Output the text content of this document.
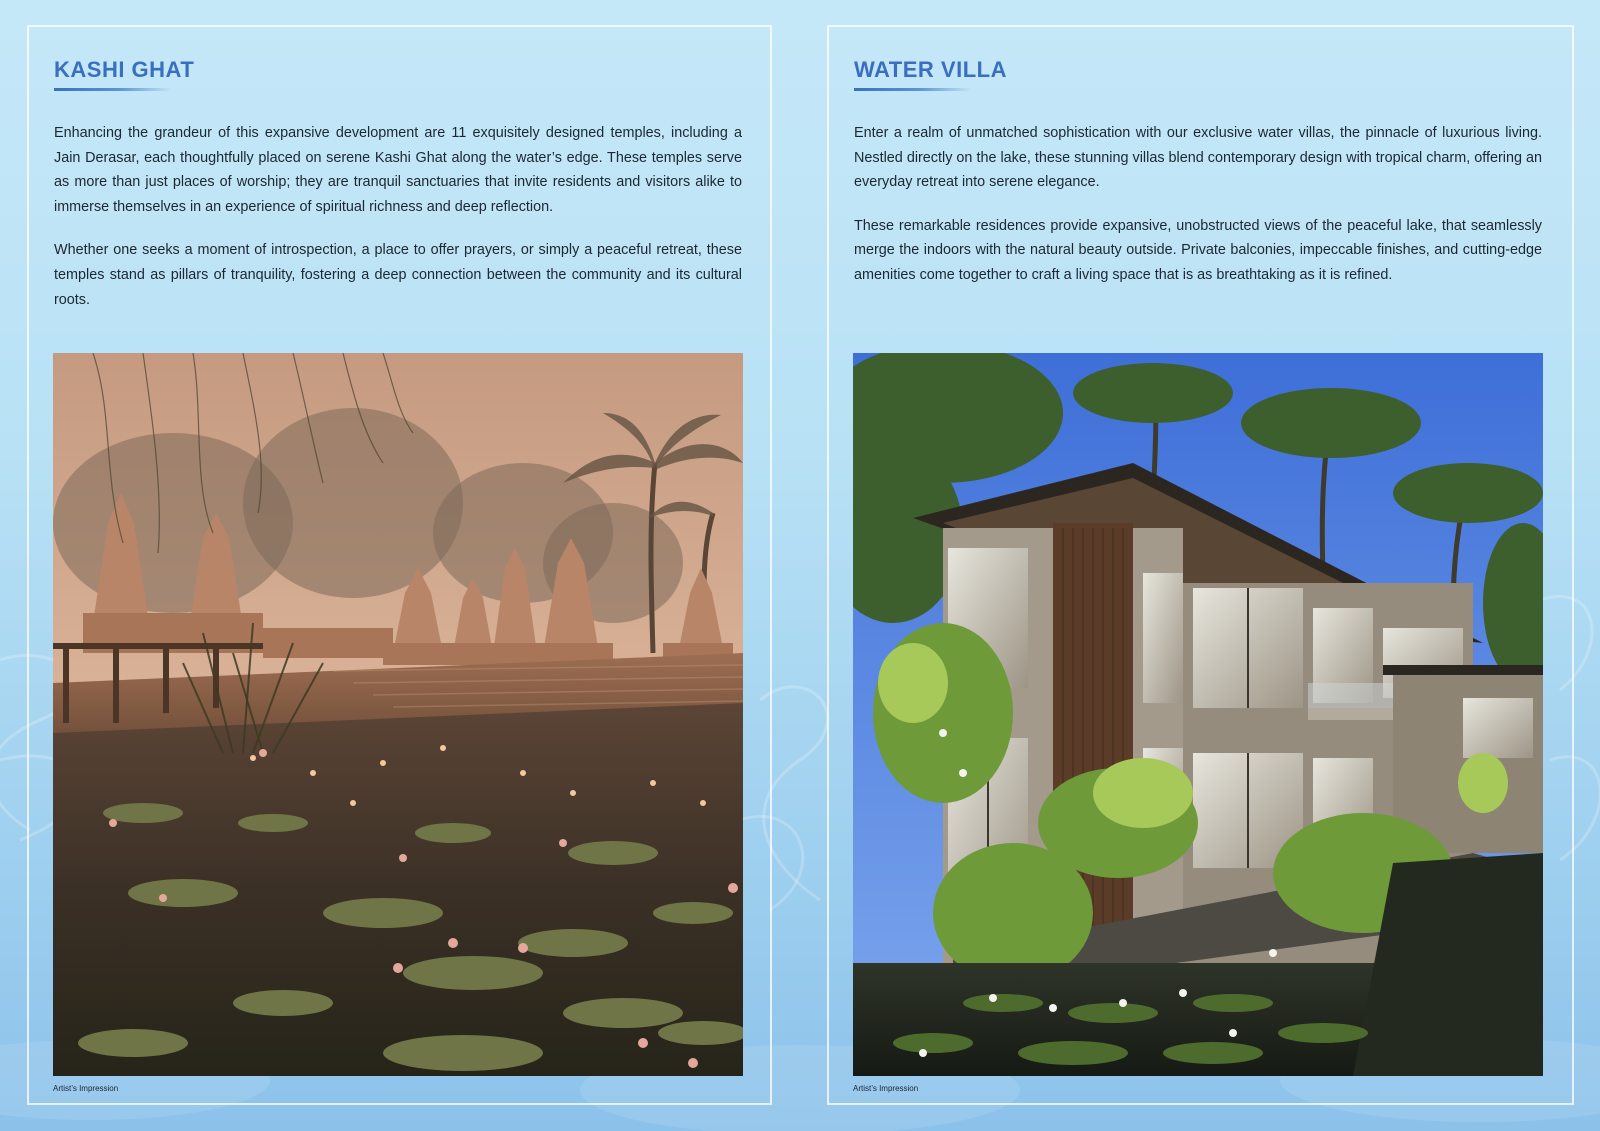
KASHI GHAT

Enhancing the grandeur of this expansive development are 11 exquisitely designed temples, including a Jain Derasar, each thoughtfully placed on serene Kashi Ghat along the water’s edge. These temples serve as more than just places of worship; they are tranquil sanctuaries that invite residents and visitors alike to immerse themselves in an experience of spiritual richness and deep reflection.

Whether one seeks a moment of introspection, a place to offer prayers, or simply a peaceful retreat, these temples stand as pillars of tranquility, fostering a deep connection between the community and its cultural roots.

Artist’s Impression
WATER VILLA

Enter a realm of unmatched sophistication with our exclusive water villas, the pinnacle of luxurious living. Nestled directly on the lake, these stunning villas blend contemporary design with tropical charm, offering an everyday retreat into serene elegance.

These remarkable residences provide expansive, unobstructed views of the peaceful lake, that seamlessly merge the indoors with the natural beauty outside. Private balconies, impeccable finishes, and cutting-edge amenities come together to craft a living space that is as breathtaking as it is refined.

Artist’s Impression
